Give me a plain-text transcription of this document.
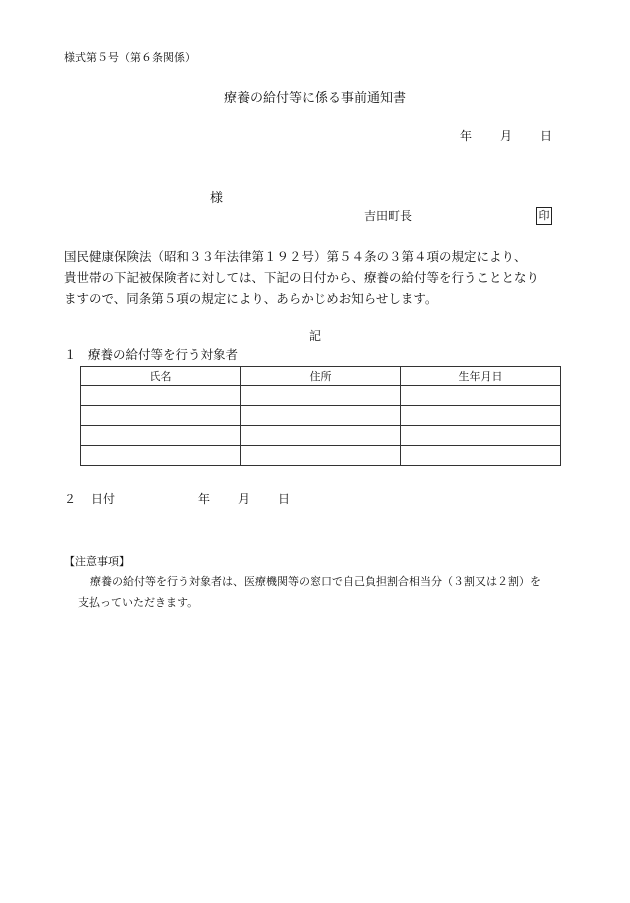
様式第５号（第６条関係）
療養の給付等に係る事前通知書
年 月 日
様
吉田町長	印
国民健康保険法（昭和３３年法律第１９２号）第５４条の３第４項の規定により、
貴世帯の下記被保険者に対しては、下記の日付から、療養の給付等を行うこととなり
ますので、同条第５項の規定により、あらかじめお知らせします。
記
１ 療養の給付等を行う対象者
氏名	住所	生年月日

２ 日付	年 月 日
【注意事項】
療養の給付等を行う対象者は、医療機関等の窓口で自己負担割合相当分（３割又は２割）を
支払っていただきます。
